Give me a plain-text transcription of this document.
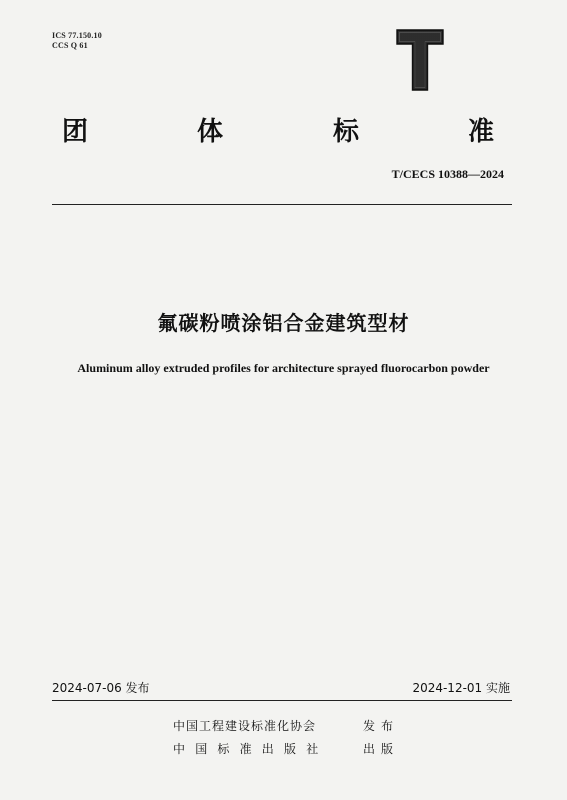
ICS 77.150.10
CCS Q 61
团	体	标	准
T/CECS 10388—2024
氟碳粉喷涂铝合金建筑型材
Aluminum alloy extruded profiles for architecture sprayed fluorocarbon powder
2024-07-06 发布	2024-12-01 实施
中国工程建设标准化协会	发布
中国标准出版社	出版
